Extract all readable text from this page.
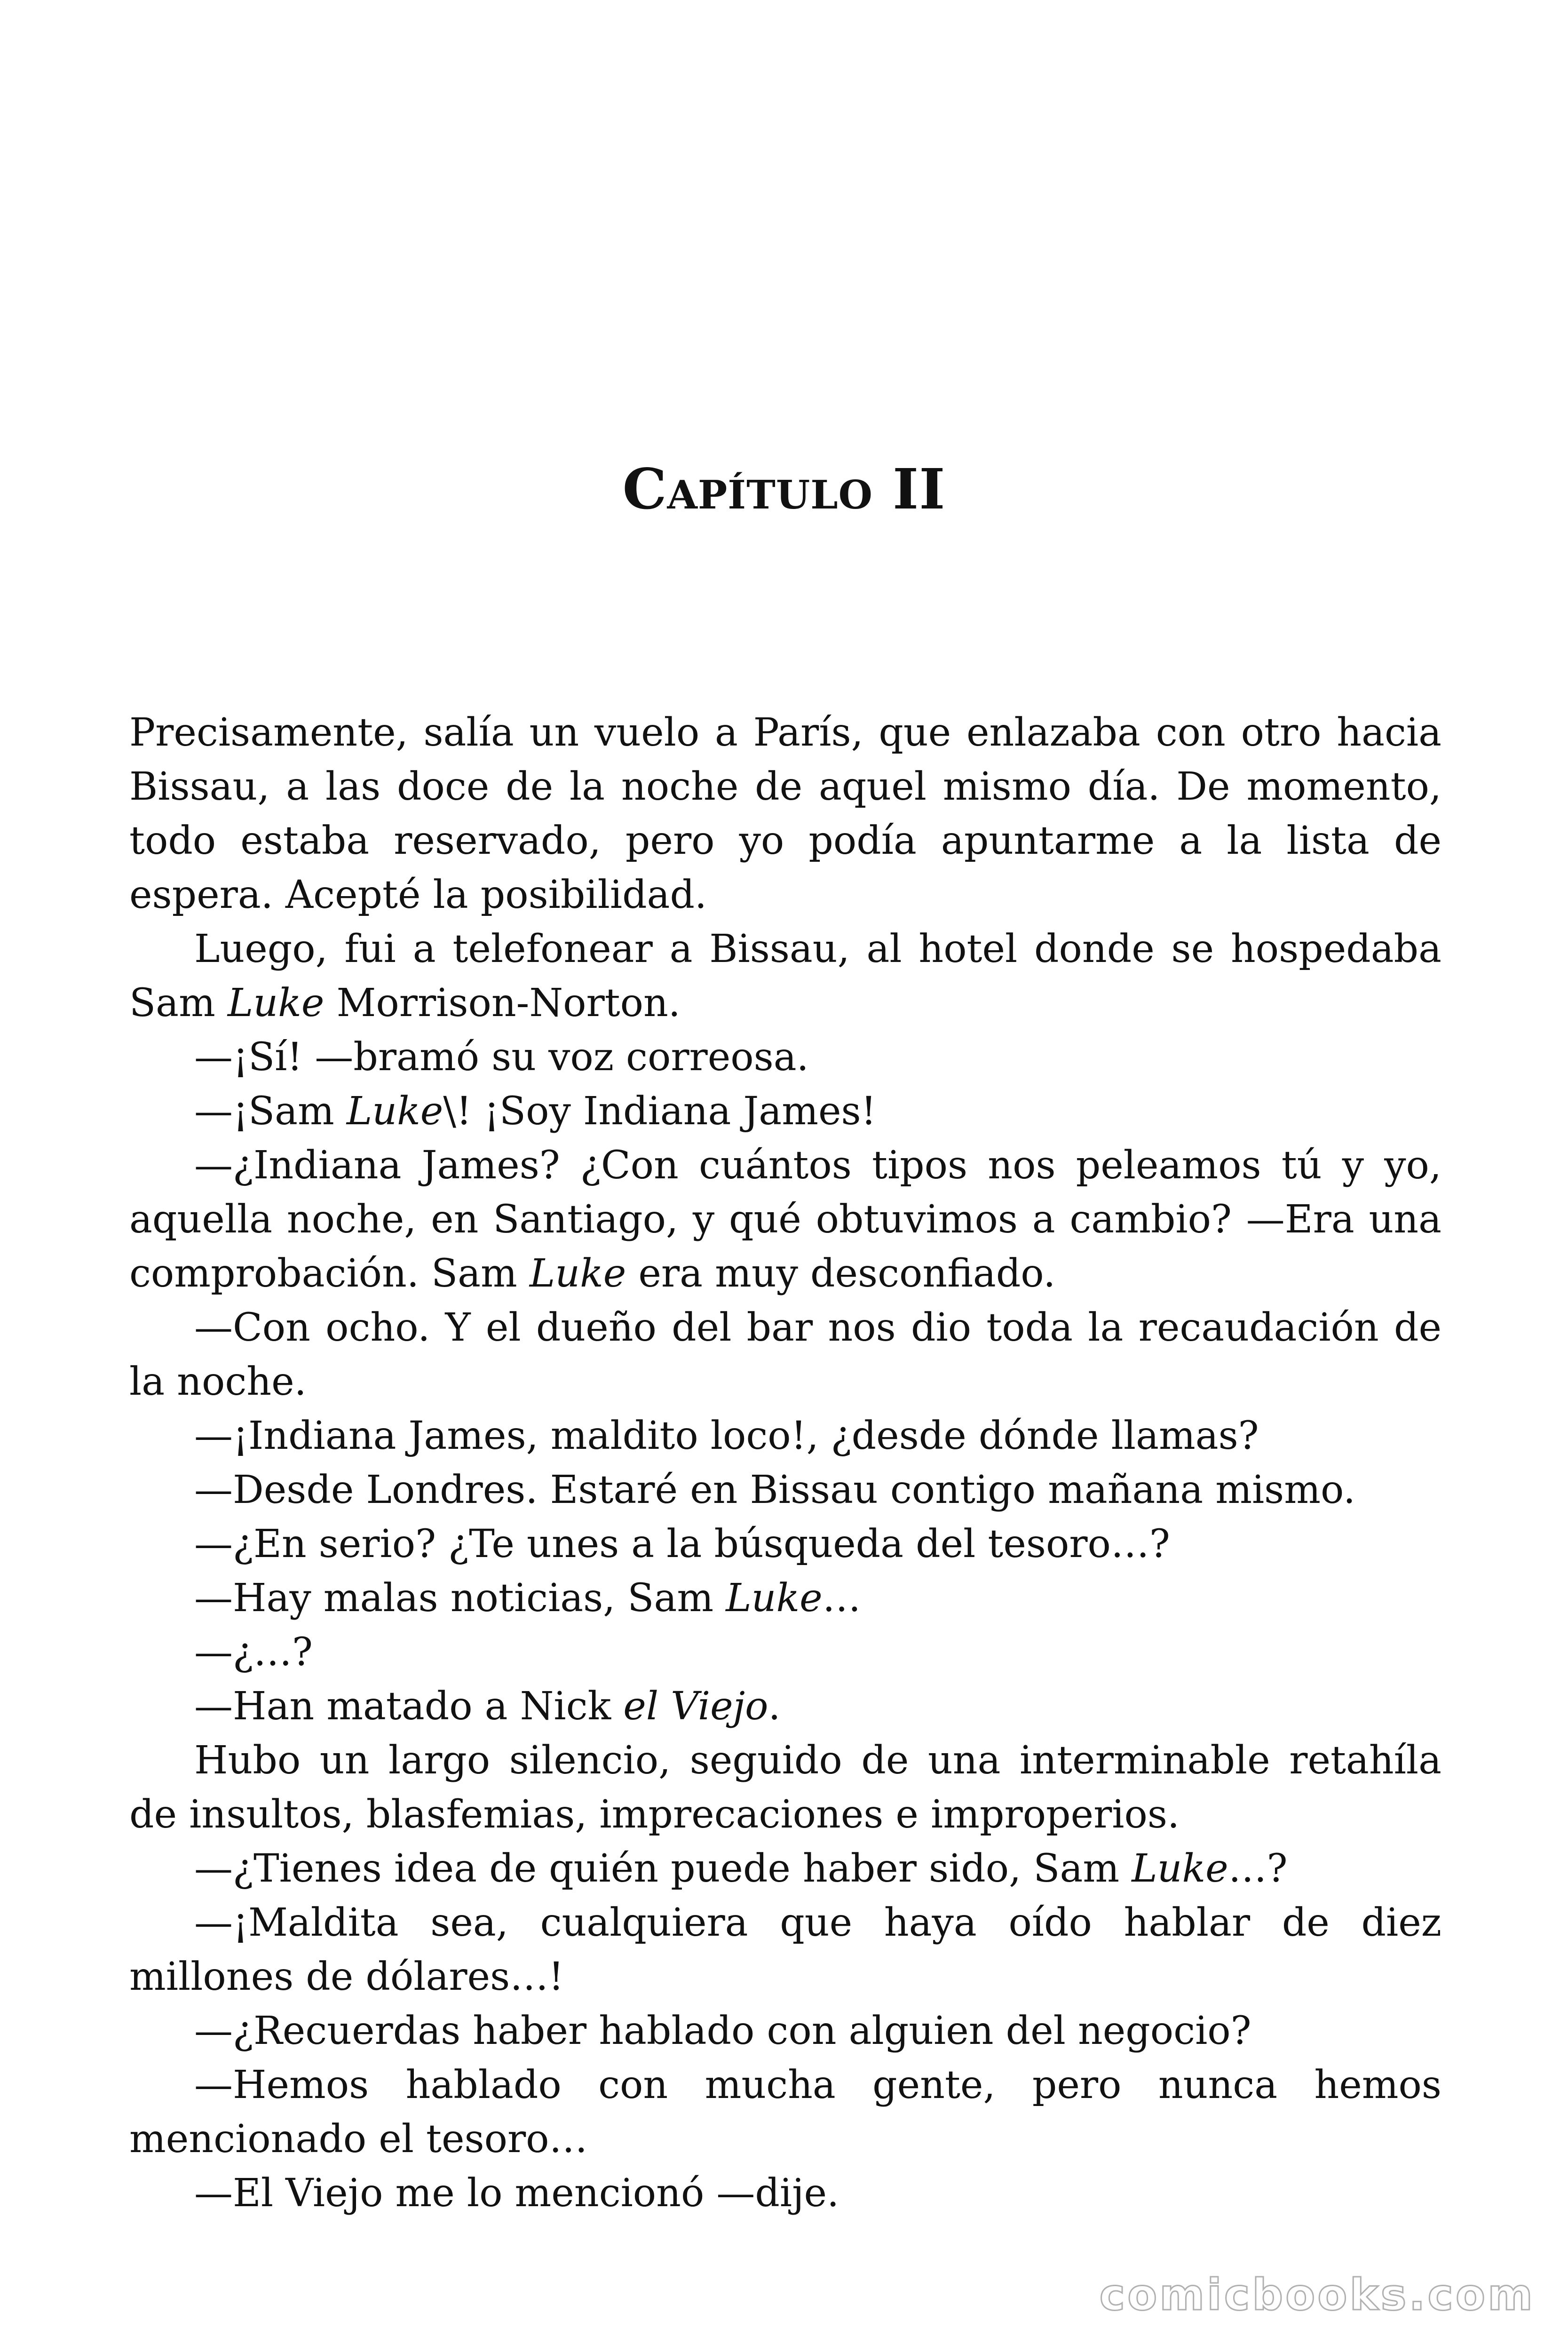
Capítulo II

Precisamente, salía un vuelo a París, que enlazaba con otro hacia Bissau, a las doce de la noche de aquel mismo día. De momento, todo estaba reservado, pero yo podía apuntarme a la lista de espera. Acepté la posibilidad.

Luego, fui a telefonear a Bissau, al hotel donde se hospedaba Sam Luke Morrison-Norton.

—¡Sí! —bramó su voz correosa.

—¡Sam Luke\! ¡Soy Indiana James!

—¿Indiana James? ¿Con cuántos tipos nos peleamos tú y yo, aquella noche, en Santiago, y qué obtuvimos a cambio? —Era una comprobación. Sam Luke era muy desconfiado.

—Con ocho. Y el dueño del bar nos dio toda la recaudación de la noche.

—¡Indiana James, maldito loco!, ¿desde dónde llamas?

—Desde Londres. Estaré en Bissau contigo mañana mismo.

—¿En serio? ¿Te unes a la búsqueda del tesoro…?

—Hay malas noticias, Sam Luke…

—¿…?

—Han matado a Nick el Viejo.

Hubo un largo silencio, seguido de una interminable retahíla de insultos, blasfemias, imprecaciones e improperios.

—¿Tienes idea de quién puede haber sido, Sam Luke…?

—¡Maldita sea, cualquiera que haya oído hablar de diez millones de dólares…!

—¿Recuerdas haber hablado con alguien del negocio?

—Hemos hablado con mucha gente, pero nunca hemos mencionado el tesoro…

—El Viejo me lo mencionó —dije.

comicbooks.com
